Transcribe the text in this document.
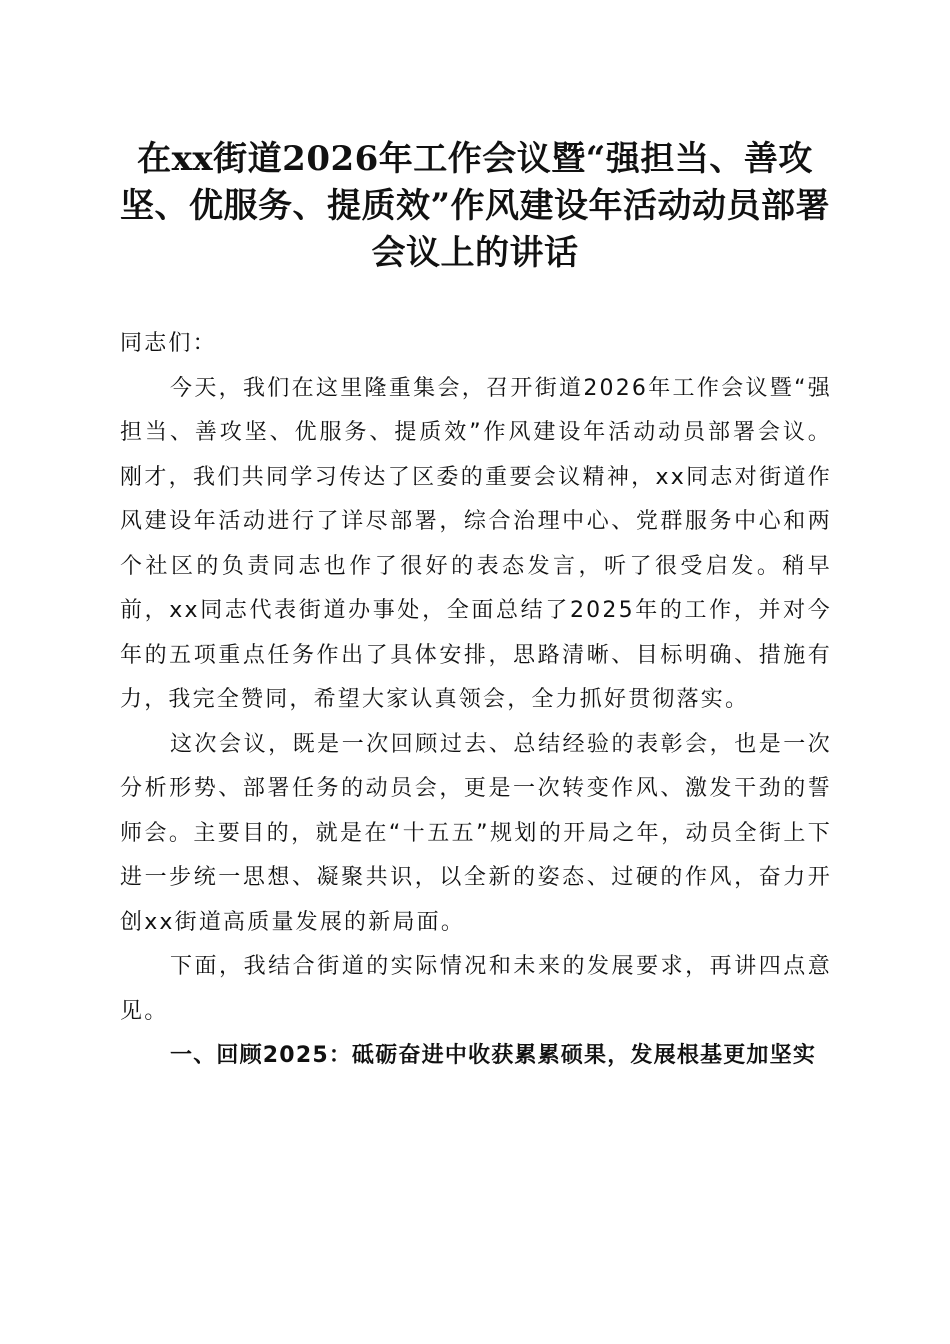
在xx街道2026年工作会议暨“强担当、善攻坚、优服务、提质效”作风建设年活动动员部署会议上的讲话

同志们：

今天，我们在这里隆重集会，召开街道2026年工作会议暨“强担当、善攻坚、优服务、提质效”作风建设年活动动员部署会议。刚才，我们共同学习传达了区委的重要会议精神，xx同志对街道作风建设年活动进行了详尽部署，综合治理中心、党群服务中心和两个社区的负责同志也作了很好的表态发言，听了很受启发。稍早前，xx同志代表街道办事处，全面总结了2025年的工作，并对今年的五项重点任务作出了具体安排，思路清晰、目标明确、措施有力，我完全赞同，希望大家认真领会，全力抓好贯彻落实。

这次会议，既是一次回顾过去、总结经验的表彰会，也是一次分析形势、部署任务的动员会，更是一次转变作风、激发干劲的誓师会。主要目的，就是在“十五五”规划的开局之年，动员全街上下进一步统一思想、凝聚共识，以全新的姿态、过硬的作风，奋力开创xx街道高质量发展的新局面。

下面，我结合街道的实际情况和未来的发展要求，再讲四点意见。

一、回顾2025：砥砺奋进中收获累累硕果，发展根基更加坚实
